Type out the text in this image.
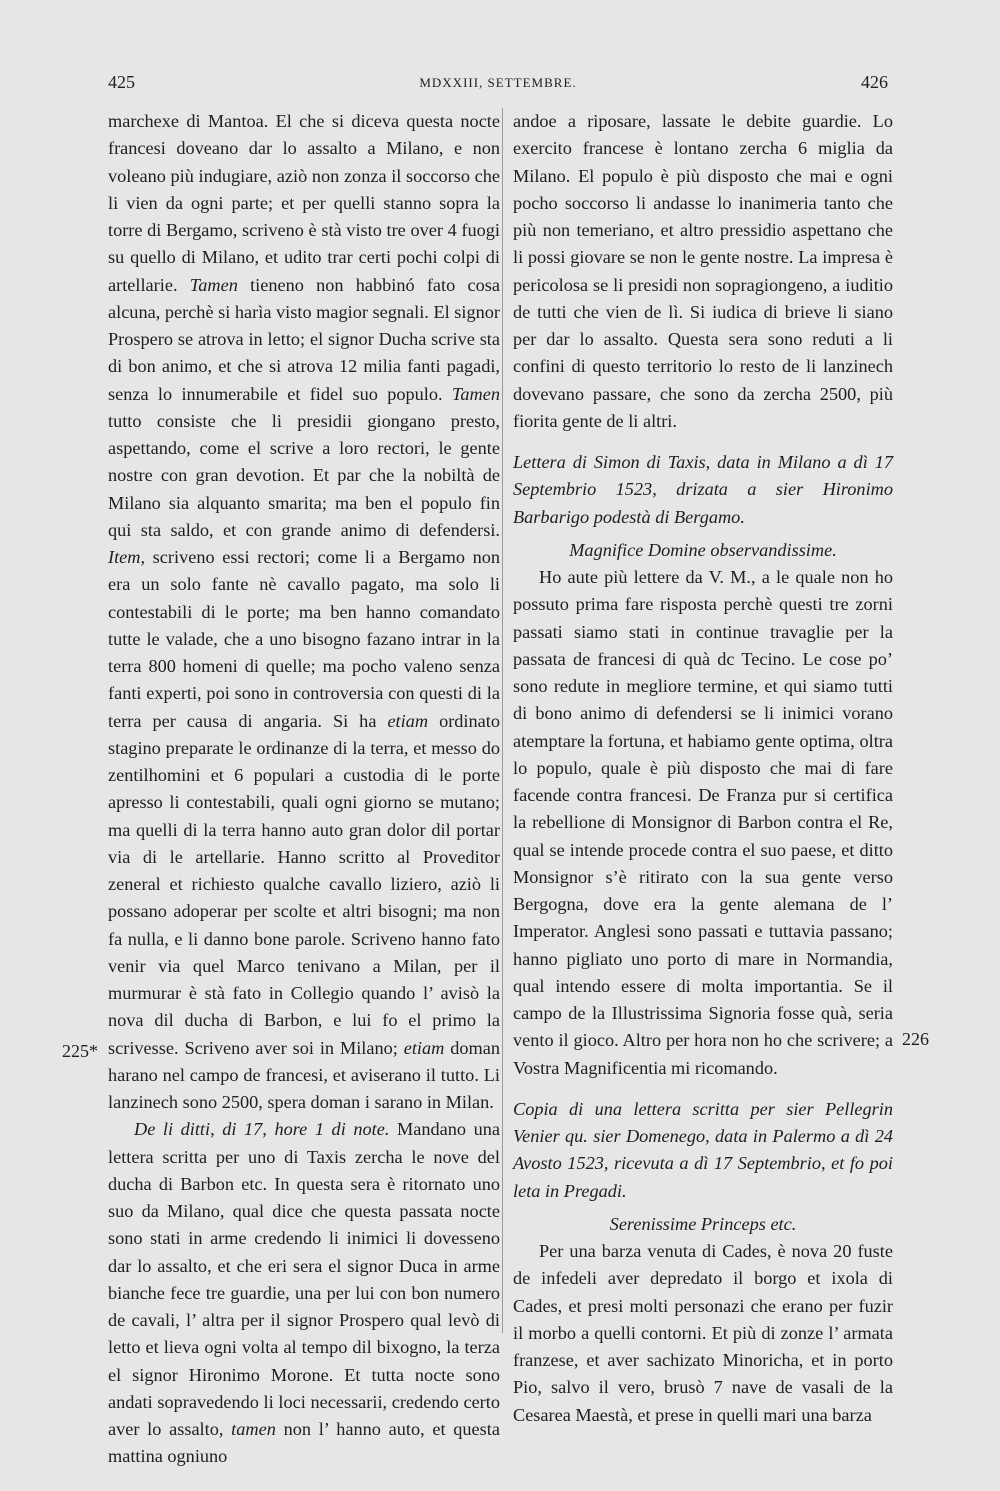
425	MDXXIII, SETTEMBRE.	426
225*
226

marchexe di Mantoa. El che si diceva questa nocte francesi doveano dar lo assalto a Milano, e non voleano più indugiare, aziò non zonza il soccorso che li vien da ogni parte; et per quelli stanno sopra la torre di Bergamo, scriveno è stà visto tre over 4 fuogi su quello di Milano, et udito trar certi pochi colpi di artellarie. Tamen tieneno non habbinó fato cosa alcuna, perchè si harìa visto magior segnali. El signor Prospero se atrova in letto; el signor Ducha scrive sta di bon animo, et che si atrova 12 milia fanti pagadi, senza lo innumerabile et fidel suo populo. Tamen tutto consiste che li presidii giongano presto, aspettando, come el scrive a loro rectori, le gente nostre con gran devotion. Et par che la nobiltà de Milano sia alquanto smarita; ma ben el populo fin qui sta saldo, et con grande animo di defendersi. Item, scriveno essi rectori; come li a Bergamo non era un solo fante nè cavallo pagato, ma solo li contestabili di le porte; ma ben hanno comandato tutte le valade, che a uno bisogno fazano intrar in la terra 800 homeni di quelle; ma pocho valeno senza fanti experti, poi sono in controversia con questi di la terra per causa di angaria. Si ha etiam ordinato stagino preparate le ordinanze di la terra, et messo do zentilhomini et 6 populari a custodia di le porte apresso li contestabili, quali ogni giorno se mutano; ma quelli di la terra hanno auto gran dolor dil portar via di le artellarie. Hanno scritto al Proveditor zeneral et richiesto qualche cavallo liziero, aziò li possano adoperar per scolte et altri bisogni; ma non fa nulla, e li danno bone parole. Scriveno hanno fato venir via quel Marco tenivano a Milan, per il murmurar è stà fato in Collegio quando l’ avisò la nova dil ducha di Barbon, e lui fo el primo la scrivesse. Scriveno aver soi in Milano; etiam doman harano nel campo de francesi, et aviserano il tutto. Li lanzinech sono 2500, spera doman i sarano in Milan.

De li ditti, di 17, hore 1 di note. Mandano una lettera scritta per uno di Taxis zercha le nove del ducha di Barbon etc. In questa sera è ritornato uno suo da Milano, qual dice che questa passata nocte sono stati in arme credendo li inimici li dovesseno dar lo assalto, et che eri sera el signor Duca in arme bianche fece tre guardie, una per lui con bon numero de cavali, l’ altra per il signor Prospero qual levò di letto et lieva ogni volta al tempo dil bixogno, la terza el signor Hironimo Morone. Et tutta nocte sono andati sopravedendo li loci necessarii, credendo certo aver lo assalto, tamen non l’ hanno auto, et questa mattina ogniuno

andoe a riposare, lassate le debite guardie. Lo exercito francese è lontano zercha 6 miglia da Milano. El populo è più disposto che mai e ogni pocho soccorso li andasse lo inanimeria tanto che più non temeriano, et altro pressidio aspettano che li possi giovare se non le gente nostre. La impresa è pericolosa se li presidi non sopragiongeno, a iuditio de tutti che vien de lì. Si iudica di brieve li siano per dar lo assalto. Questa sera sono reduti a li confini di questo territorio lo resto de li lanzinech dovevano passare, che sono da zercha 2500, più fiorita gente de li altri.

Lettera di Simon di Taxis, data in Milano a dì 17 Septembrio 1523, drizata a sier Hironimo Barbarigo podestà di Bergamo.

Magnifice Domine observandissime.

Ho aute più lettere da V. M., a le quale non ho possuto prima fare risposta perchè questi tre zorni passati siamo stati in continue travaglie per la passata de francesi di quà dc Tecino. Le cose po’ sono redute in megliore termine, et qui siamo tutti di bono animo di defendersi se li inimici vorano atemptare la fortuna, et habiamo gente optima, oltra lo populo, quale è più disposto che mai di fare facende contra francesi. De Franza pur si certifica la rebellione di Monsignor di Barbon contra el Re, qual se intende procede contra el suo paese, et ditto Monsignor s’è ritirato con la sua gente verso Bergogna, dove era la gente alemana de l’ Imperator. Anglesi sono passati e tuttavia passano; hanno pigliato uno porto di mare in Normandia, qual intendo essere di molta importantia. Se il campo de la Illustrissima Signoria fosse quà, seria vento il gioco. Altro per hora non ho che scrivere; a Vostra Magnificentia mi ricomando.

Copia di una lettera scritta per sier Pellegrin Venier qu. sier Domenego, data in Palermo a dì 24 Avosto 1523, ricevuta a dì 17 Septembrio, et fo poi leta in Pregadi.

Serenissime Princeps etc.

Per una barza venuta di Cades, è nova 20 fuste de infedeli aver depredato il borgo et ixola di Cades, et presi molti personazi che erano per fuzir il morbo a quelli contorni. Et più di zonze l’ armata franzese, et aver sachizato Minoricha, et in porto Pio, salvo il vero, brusò 7 nave de vasali de la Cesarea Maestà, et prese in quelli mari una barza
